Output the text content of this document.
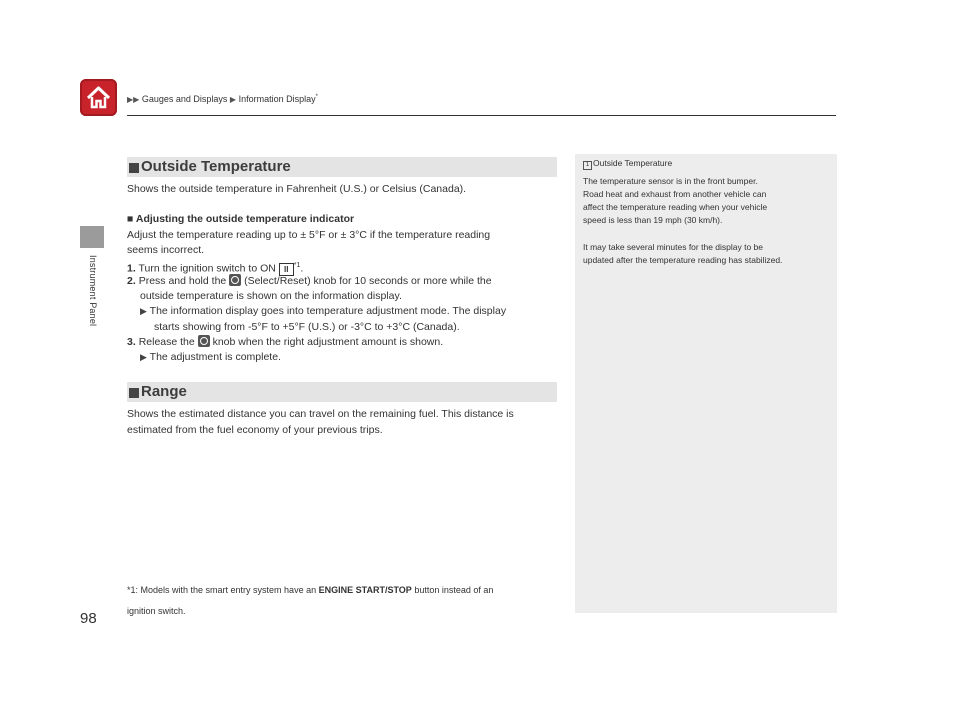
▶▶ Gauges and Displays ▶ Information Display*
Instrument Panel
98
Outside Temperature
Shows the outside temperature in Fahrenheit (U.S.) or Celsius (Canada).
■ Adjusting the outside temperature indicator
Adjust the temperature reading up to ± 5°F or ± 3°C if the temperature reading
seems incorrect.
1. Turn the ignition switch to ON II $^{*1}$.
2. Press and hold the (Select/Reset) knob for 10 seconds or more while the
outside temperature is shown on the information display.
▶ The information display goes into temperature adjustment mode. The display
starts showing from -5°F to +5°F (U.S.) or -3°C to +3°C (Canada).
3. Release the knob when the right adjustment amount is shown.
▶ The adjustment is complete.
Range
Shows the estimated distance you can travel on the remaining fuel. This distance is
estimated from the fuel economy of your previous trips.
*1: Models with the smart entry system have an ENGINE START/STOP button instead of an
ignition switch.
1 Outside Temperature
The temperature sensor is in the front bumper.
Road heat and exhaust from another vehicle can
affect the temperature reading when your vehicle
speed is less than 19 mph (30 km/h).
It may take several minutes for the display to be
updated after the temperature reading has stabilized.
